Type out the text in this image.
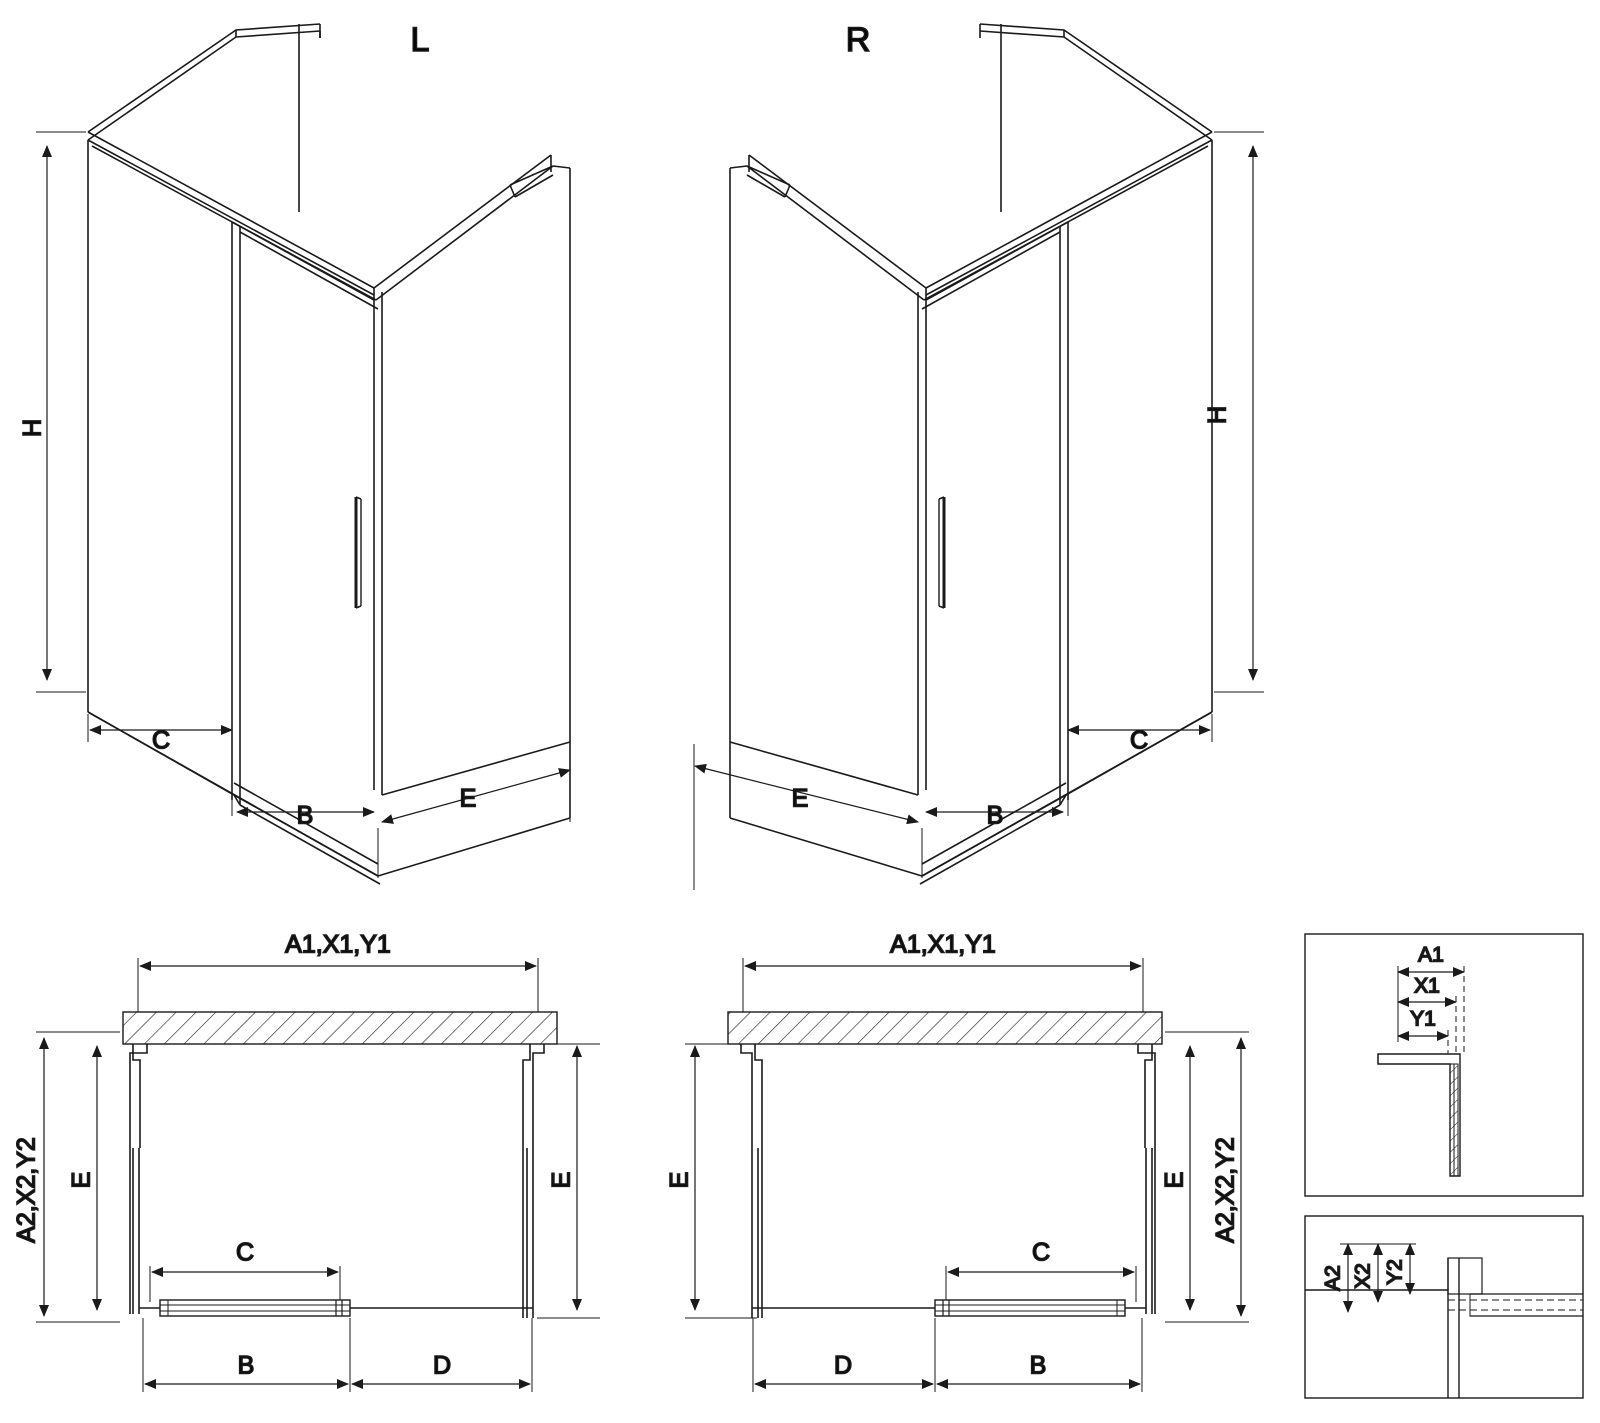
H
C
B
E
L
H
C
B
E
R
A1,X1,Y1
A2,X2,Y2 E	E
C
B	D
A1,X1,Y1
A2,X2,Y2
E
E
C
D	B
A1
X1
Y1
A2 X2 Y2
